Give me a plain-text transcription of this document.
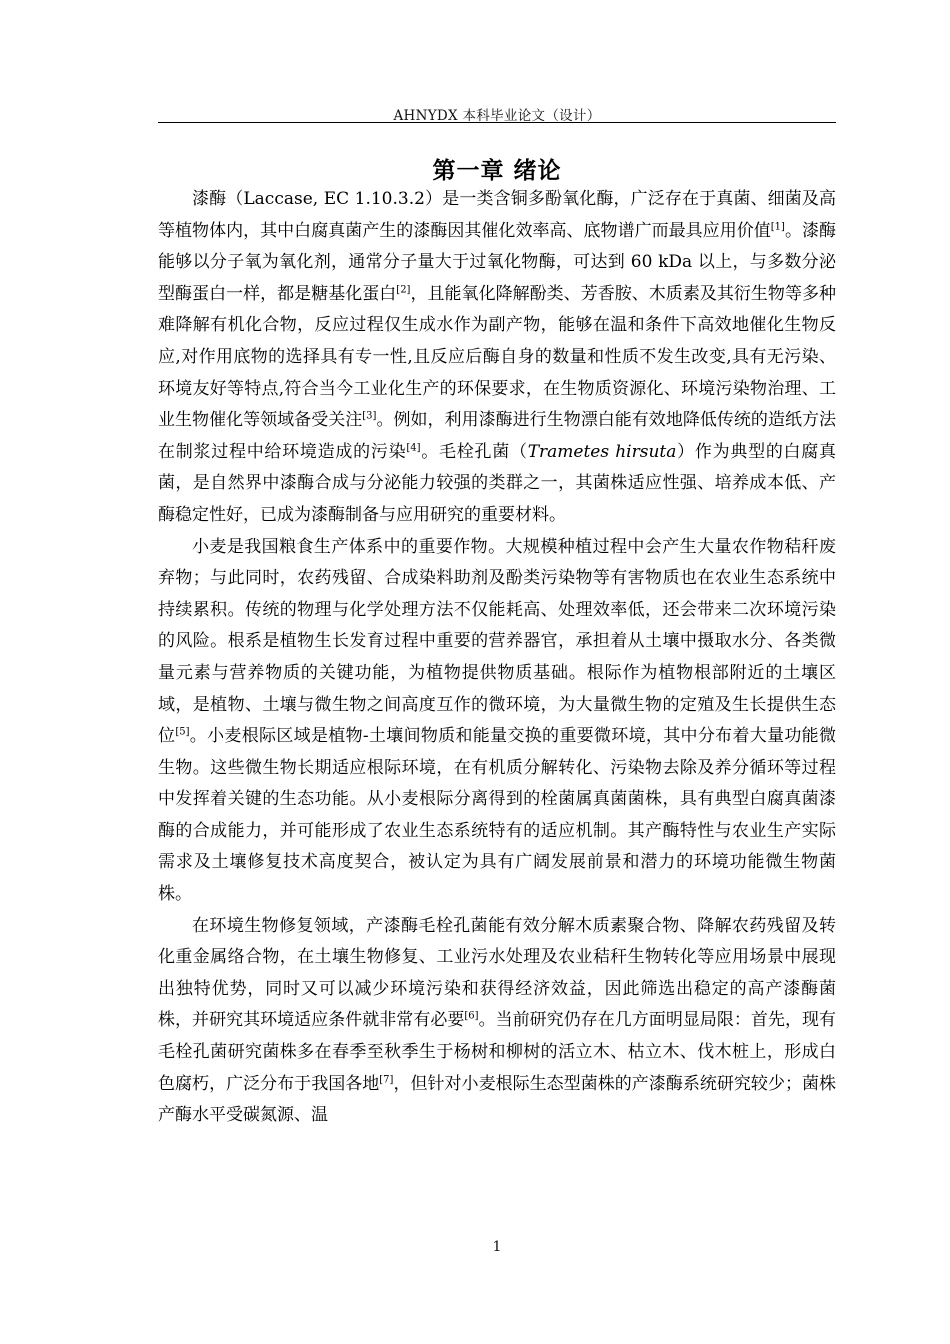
AHNYDX 本科毕业论文（设计）
第一章 绪论

漆酶（Laccase, EC 1.10.3.2）是一类含铜多酚氧化酶，广泛存在于真菌、细菌及高等植物体内，其中白腐真菌产生的漆酶因其催化效率高、底物谱广而最具应用价值[1]。漆酶能够以分子氧为氧化剂，通常分子量大于过氧化物酶，可达到 60 kDa 以上，与多数分泌型酶蛋白一样，都是糖基化蛋白[2]，且能氧化降解酚类、芳香胺、木质素及其衍生物等多种难降解有机化合物，反应过程仅生成水作为副产物，能够在温和条件下高效地催化生物反应,对作用底物的选择具有专一性,且反应后酶自身的数量和性质不发生改变,具有无污染、环境友好等特点,符合当今工业化生产的环保要求，在生物质资源化、环境污染物治理、工业生物催化等领域备受关注[3]。例如，利用漆酶进行生物漂白能有效地降低传统的造纸方法在制浆过程中给环境造成的污染[4]。毛栓孔菌（Trametes hirsuta）作为典型的白腐真菌，是自然界中漆酶合成与分泌能力较强的类群之一，其菌株适应性强、培养成本低、产酶稳定性好，已成为漆酶制备与应用研究的重要材料。

小麦是我国粮食生产体系中的重要作物。大规模种植过程中会产生大量农作物秸秆废弃物；与此同时，农药残留、合成染料助剂及酚类污染物等有害物质也在农业生态系统中持续累积。传统的物理与化学处理方法不仅能耗高、处理效率低，还会带来二次环境污染的风险。根系是植物生长发育过程中重要的营养器官，承担着从土壤中摄取水分、各类微量元素与营养物质的关键功能，为植物提供物质基础。根际作为植物根部附近的土壤区域，是植物、土壤与微生物之间高度互作的微环境，为大量微生物的定殖及生长提供生态位[5]。小麦根际区域是植物-土壤间物质和能量交换的重要微环境，其中分布着大量功能微生物。这些微生物长期适应根际环境，在有机质分解转化、污染物去除及养分循环等过程中发挥着关键的生态功能。从小麦根际分离得到的栓菌属真菌菌株，具有典型白腐真菌漆酶的合成能力，并可能形成了农业生态系统特有的适应机制。其产酶特性与农业生产实际需求及土壤修复技术高度契合，被认定为具有广阔发展前景和潜力的环境功能微生物菌株。

在环境生物修复领域，产漆酶毛栓孔菌能有效分解木质素聚合物、降解农药残留及转化重金属络合物，在土壤生物修复、工业污水处理及农业秸秆生物转化等应用场景中展现出独特优势，同时又可以减少环境污染和获得经济效益，因此筛选出稳定的高产漆酶菌株，并研究其环境适应条件就非常有必要[6]。当前研究仍存在几方面明显局限：首先，现有毛栓孔菌研究菌株多在春季至秋季生于杨树和柳树的活立木、枯立木、伐木桩上，形成白色腐朽，广泛分布于我国各地[7]，但针对小麦根际生态型菌株的产漆酶系统研究较少；菌株产酶水平受碳氮源、温

1
